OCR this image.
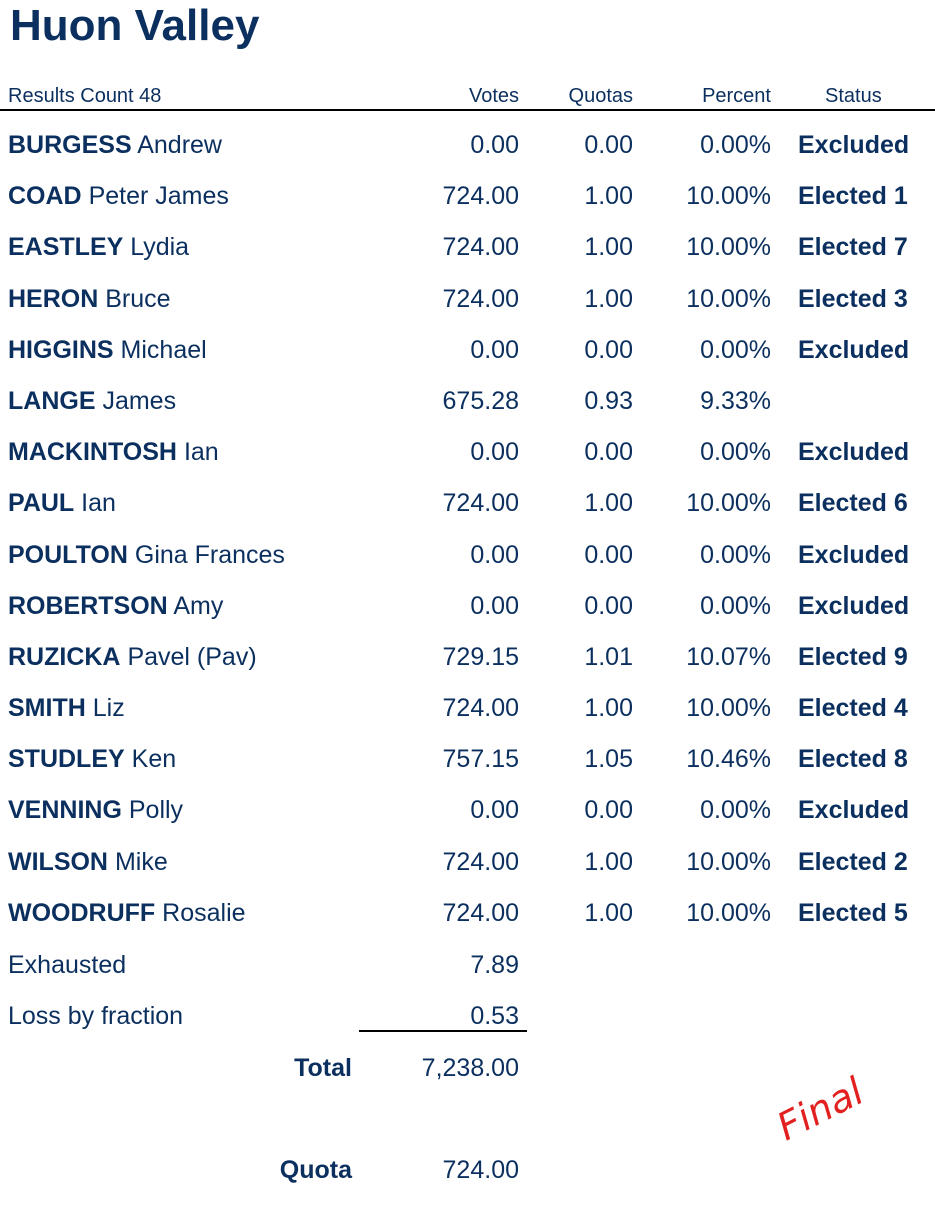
Huon Valley
Results Count 48	Votes Quotas	Percent	Status
BURGESS Andrew	0.00	0.00	0.00% Excluded
COAD Peter James	724.00	1.00 10.00% Elected 1
EASTLEY Lydia	724.00	1.00 10.00% Elected 7
HERON Bruce	724.00	1.00 10.00% Elected 3
HIGGINS Michael	0.00	0.00	0.00% Excluded
LANGE James	675.28	0.93	9.33%
MACKINTOSH Ian	0.00	0.00	0.00% Excluded
PAUL Ian	724.00	1.00 10.00% Elected 6
POULTON Gina Frances	0.00	0.00	0.00% Excluded
ROBERTSON Amy	0.00	0.00	0.00% Excluded
RUZICKA Pavel (Pav)	729.15	1.01 10.07% Elected 9
SMITH Liz	724.00	1.00 10.00% Elected 4
STUDLEY Ken	757.15	1.05 10.46% Elected 8
VENNING Polly	0.00	0.00	0.00% Excluded
WILSON Mike	724.00	1.00 10.00% Elected 2
WOODRUFF Rosalie	724.00	1.00 10.00% Elected 5
Exhausted	7.89
Loss by fraction	0.53
Total	7,238.00
Quota	724.00
Final
